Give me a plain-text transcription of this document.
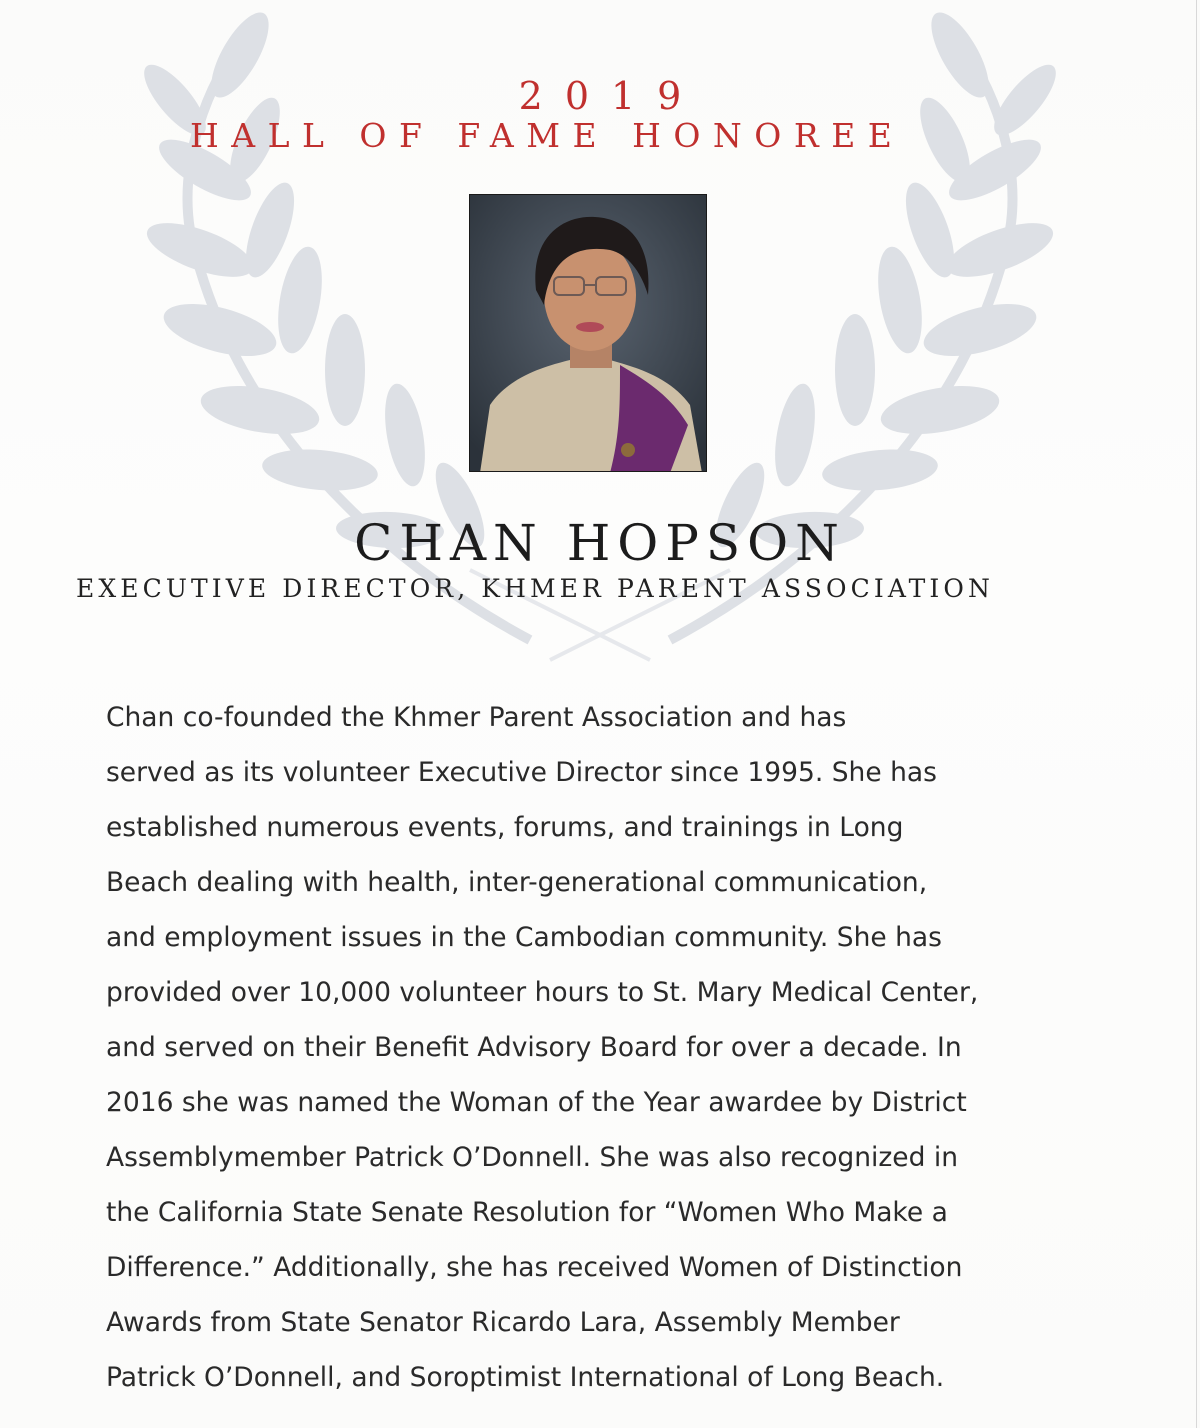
2019
HALL OF FAME HONOREE
CHAN HOPSON
EXECUTIVE DIRECTOR, KHMER PARENT ASSOCIATION
Chan co-founded the Khmer Parent Association and has
served as its volunteer Executive Director since 1995. She has
established numerous events, forums, and trainings in Long
Beach dealing with health, inter-generational communication,
and employment issues in the Cambodian community. She has
provided over 10,000 volunteer hours to St. Mary Medical Center,
and served on their Benefit Advisory Board for over a decade. In
2016 she was named the Woman of the Year awardee by District
Assemblymember Patrick O’Donnell. She was also recognized in
the California State Senate Resolution for “Women Who Make a
Difference.” Additionally, she has received Women of Distinction
Awards from State Senator Ricardo Lara, Assembly Member
Patrick O’Donnell, and Soroptimist International of Long Beach.
